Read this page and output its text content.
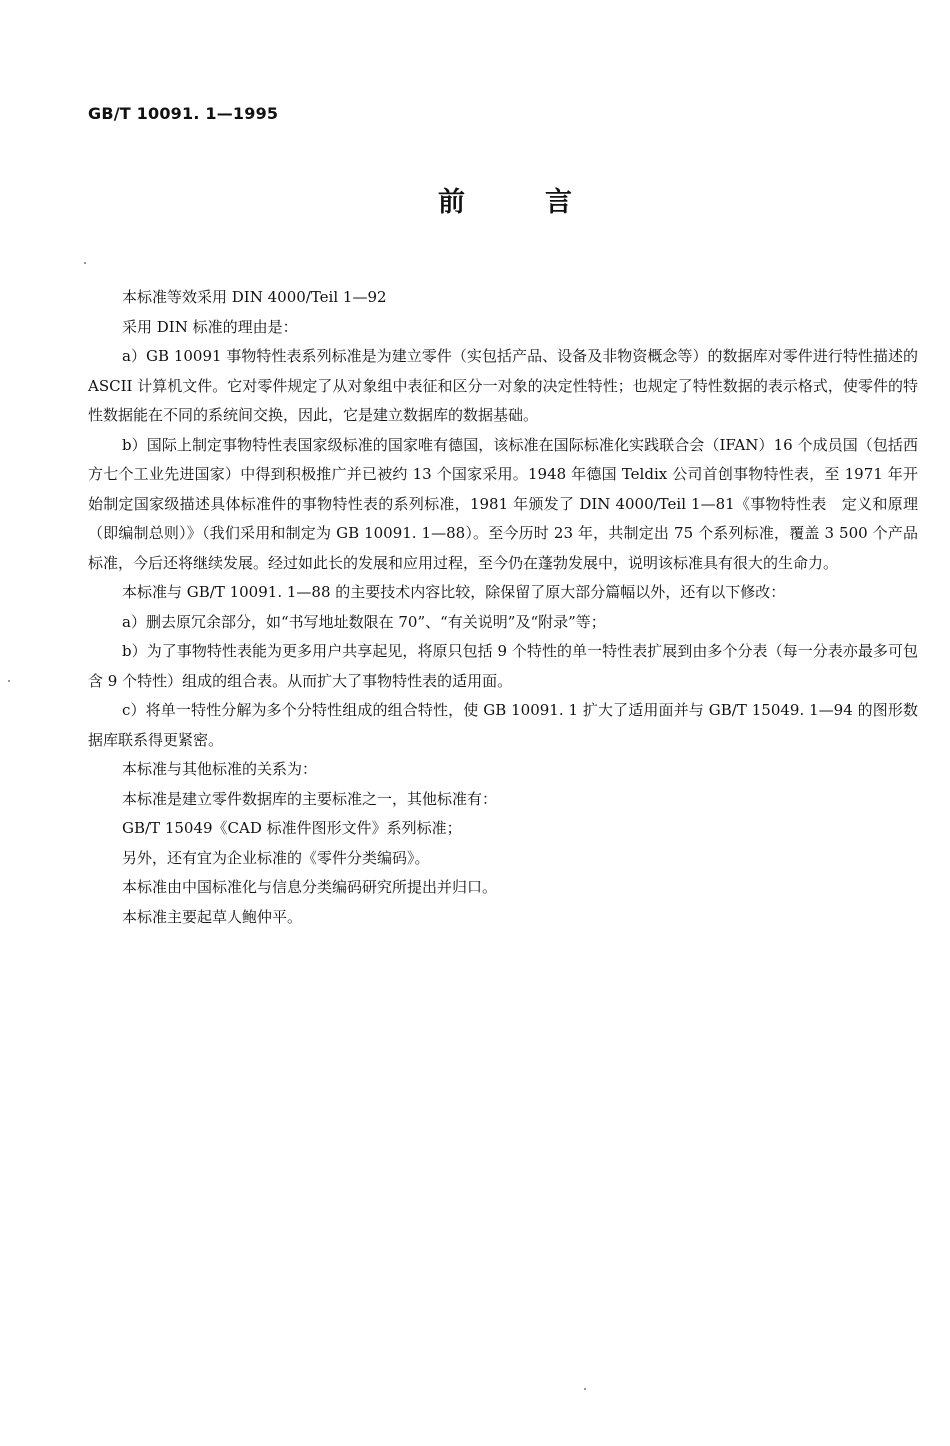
GB/T 10091. 1—1995
前言

本标准等效采用 DIN 4000/Teil 1—92

采用 DIN 标准的理由是：

a）GB 10091 事物特性表系列标准是为建立零件（实包括产品、设备及非物资概念等）的数据库对零件进行特性描述的 ASCII 计算机文件。它对零件规定了从对象组中表征和区分一对象的决定性特性；也规定了特性数据的表示格式，使零件的特性数据能在不同的系统间交换，因此，它是建立数据库的数据基础。

b）国际上制定事物特性表国家级标准的国家唯有德国，该标准在国际标准化实践联合会（IFAN）16 个成员国（包括西方七个工业先进国家）中得到积极推广并已被约 13 个国家采用。1948 年德国 Teldix 公司首创事物特性表，至 1971 年开始制定国家级描述具体标准件的事物特性表的系列标准，1981 年颁发了 DIN 4000/Teil 1—81《事物特性表　定义和原理（即编制总则）》（我们采用和制定为 GB 10091. 1—88）。至今历时 23 年，共制定出 75 个系列标准，覆盖 3 500 个产品标准，今后还将继续发展。经过如此长的发展和应用过程，至今仍在蓬勃发展中，说明该标准具有很大的生命力。

本标准与 GB/T 10091. 1—88 的主要技术内容比较，除保留了原大部分篇幅以外，还有以下修改：

a）删去原冗余部分，如“书写地址数限在 70”、“有关说明”及“附录”等；

b）为了事物特性表能为更多用户共享起见，将原只包括 9 个特性的单一特性表扩展到由多个分表（每一分表亦最多可包含 9 个特性）组成的组合表。从而扩大了事物特性表的适用面。

c）将单一特性分解为多个分特性组成的组合特性，使 GB 10091. 1 扩大了适用面并与 GB/T 15049. 1—94 的图形数据库联系得更紧密。

本标准与其他标准的关系为：

本标准是建立零件数据库的主要标准之一，其他标准有：

GB/T 15049《CAD 标准件图形文件》系列标准；

另外，还有宜为企业标准的《零件分类编码》。

本标准由中国标准化与信息分类编码研究所提出并归口。

本标准主要起草人鲍仲平。
